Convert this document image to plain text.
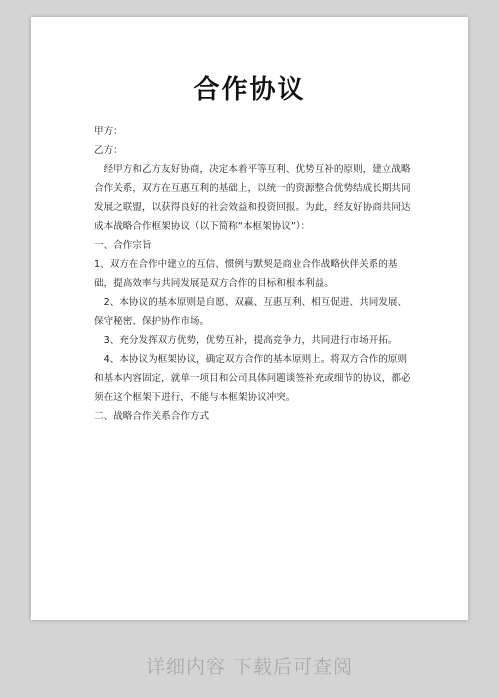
合作协议

甲方：

乙方：

经甲方和乙方友好协商，决定本着平等互利、优势互补的原则，建立战略合作关系，双方在互惠互利的基础上，以统一的资源整合优势结成长期共同发展之联盟，以获得良好的社会效益和投资回报。为此，经友好协商共同达成本战略合作框架协议（以下简称“本框架协议”）：

一、合作宗旨

1、双方在合作中建立的互信、惯例与默契是商业合作战略伙伴关系的基础，提高效率与共同发展是双方合作的目标和根本利益。

2、本协议的基本原则是自愿、双赢、互惠互利、相互促进、共同发展、保守秘密、保护协作市场。

3、充分发挥双方优势，优势互补，提高竞争力，共同进行市场开拓。

4、本协议为框架协议，确定双方合作的基本原则上。将双方合作的原则和基本内容固定，就单一项目和公司具体问题谈签补充或细节的协议，都必须在这个框架下进行，不能与本框架协议冲突。

二、战略合作关系合作方式

详细内容 下载后可查阅
